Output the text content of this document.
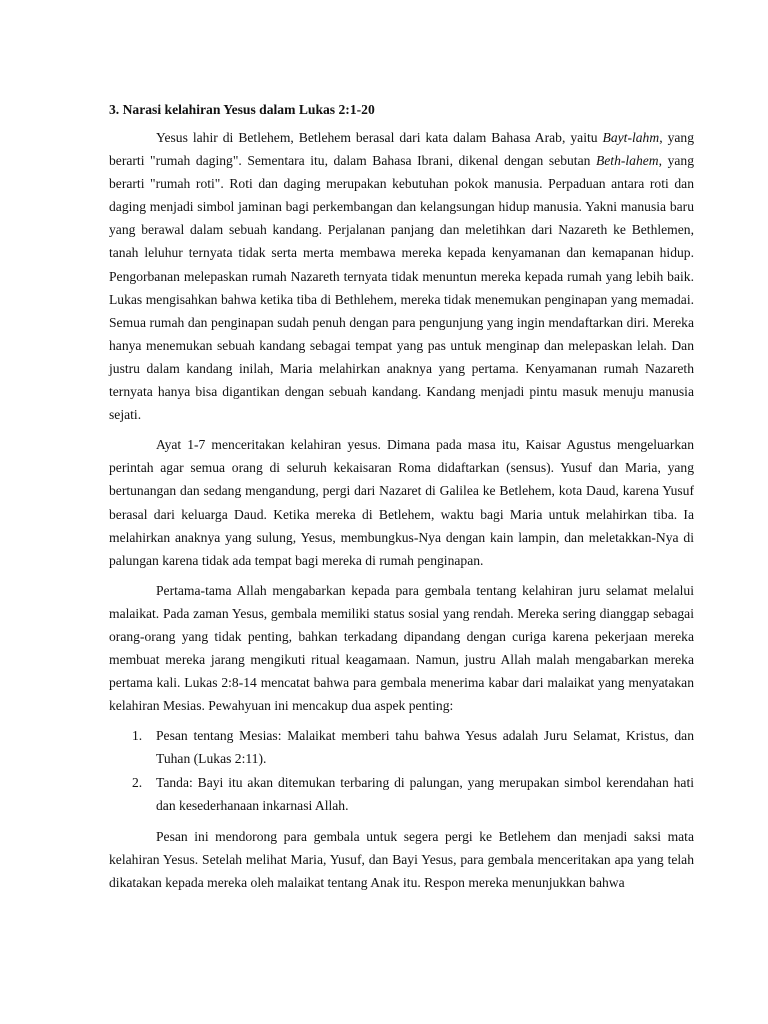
3. Narasi kelahiran Yesus dalam Lukas 2:1-20

Yesus lahir di Betlehem, Betlehem berasal dari kata dalam Bahasa Arab, yaitu Bayt-lahm, yang berarti "rumah daging". Sementara itu, dalam Bahasa Ibrani, dikenal dengan sebutan Beth-lahem, yang berarti "rumah roti". Roti dan daging merupakan kebutuhan pokok manusia. Perpaduan antara roti dan daging menjadi simbol jaminan bagi perkembangan dan kelangsungan hidup manusia. Yakni manusia baru yang berawal dalam sebuah kandang. Perjalanan panjang dan meletihkan dari Nazareth ke Bethlemen, tanah leluhur ternyata tidak serta merta membawa mereka kepada kenyamanan dan kemapanan hidup. Pengorbanan melepaskan rumah Nazareth ternyata tidak menuntun mereka kepada rumah yang lebih baik. Lukas mengisahkan bahwa ketika tiba di Bethlehem, mereka tidak menemukan penginapan yang memadai. Semua rumah dan penginapan sudah penuh dengan para pengunjung yang ingin mendaftarkan diri. Mereka hanya menemukan sebuah kandang sebagai tempat yang pas untuk menginap dan melepaskan lelah. Dan justru dalam kandang inilah, Maria melahirkan anaknya yang pertama. Kenyamanan rumah Nazareth ternyata hanya bisa digantikan dengan sebuah kandang. Kandang menjadi pintu masuk menuju manusia sejati.

Ayat 1-7 menceritakan kelahiran yesus. Dimana pada masa itu, Kaisar Agustus mengeluarkan perintah agar semua orang di seluruh kekaisaran Roma didaftarkan (sensus). Yusuf dan Maria, yang bertunangan dan sedang mengandung, pergi dari Nazaret di Galilea ke Betlehem, kota Daud, karena Yusuf berasal dari keluarga Daud. Ketika mereka di Betlehem, waktu bagi Maria untuk melahirkan tiba. Ia melahirkan anaknya yang sulung, Yesus, membungkus-Nya dengan kain lampin, dan meletakkan-Nya di palungan karena tidak ada tempat bagi mereka di rumah penginapan.

Pertama-tama Allah mengabarkan kepada para gembala tentang kelahiran juru selamat melalui malaikat. Pada zaman Yesus, gembala memiliki status sosial yang rendah. Mereka sering dianggap sebagai orang-orang yang tidak penting, bahkan terkadang dipandang dengan curiga karena pekerjaan mereka membuat mereka jarang mengikuti ritual keagamaan. Namun, justru Allah malah mengabarkan mereka pertama kali. Lukas 2:8-14 mencatat bahwa para gembala menerima kabar dari malaikat yang menyatakan kelahiran Mesias. Pewahyuan ini mencakup dua aspek penting:

1. Pesan tentang Mesias: Malaikat memberi tahu bahwa Yesus adalah Juru Selamat, Kristus, dan Tuhan (Lukas 2:11).
2. Tanda: Bayi itu akan ditemukan terbaring di palungan, yang merupakan simbol kerendahan hati dan kesederhanaan inkarnasi Allah.

Pesan ini mendorong para gembala untuk segera pergi ke Betlehem dan menjadi saksi mata kelahiran Yesus. Setelah melihat Maria, Yusuf, dan Bayi Yesus, para gembala menceritakan apa yang telah dikatakan kepada mereka oleh malaikat tentang Anak itu. Respon mereka menunjukkan bahwa
